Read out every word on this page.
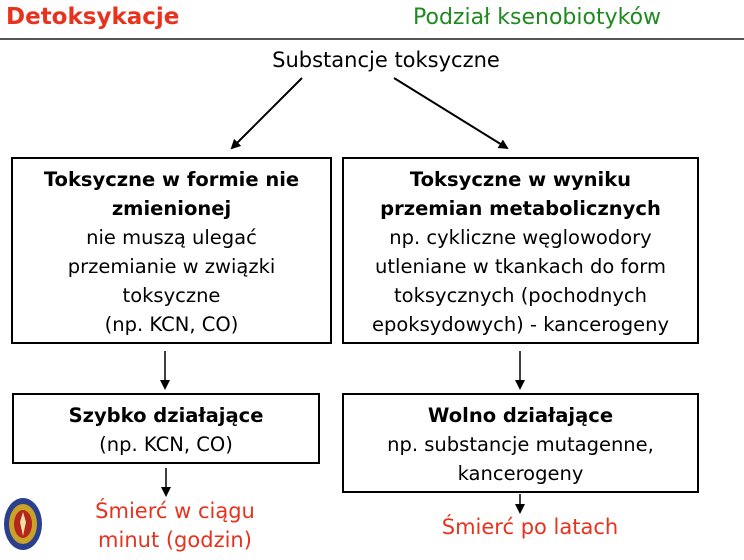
Detoksykacje	Podział ksenobiotyków
Substancje toksyczne
Toksyczne w formie nie
zmienionej
nie muszą ulegać
przemianie w związki
toksyczne
(np. KCN, CO)
Toksyczne w wyniku
przemian metabolicznych
np. cykliczne węglowodory
utleniane w tkankach do form
toksycznych (pochodnych
epoksydowych) - kancerogeny
Szybko działające
(np. KCN, CO)
Wolno działające
np. substancje mutagenne,
kancerogeny
Śmierć w ciągu
minut (godzin)
Śmierć po latach
